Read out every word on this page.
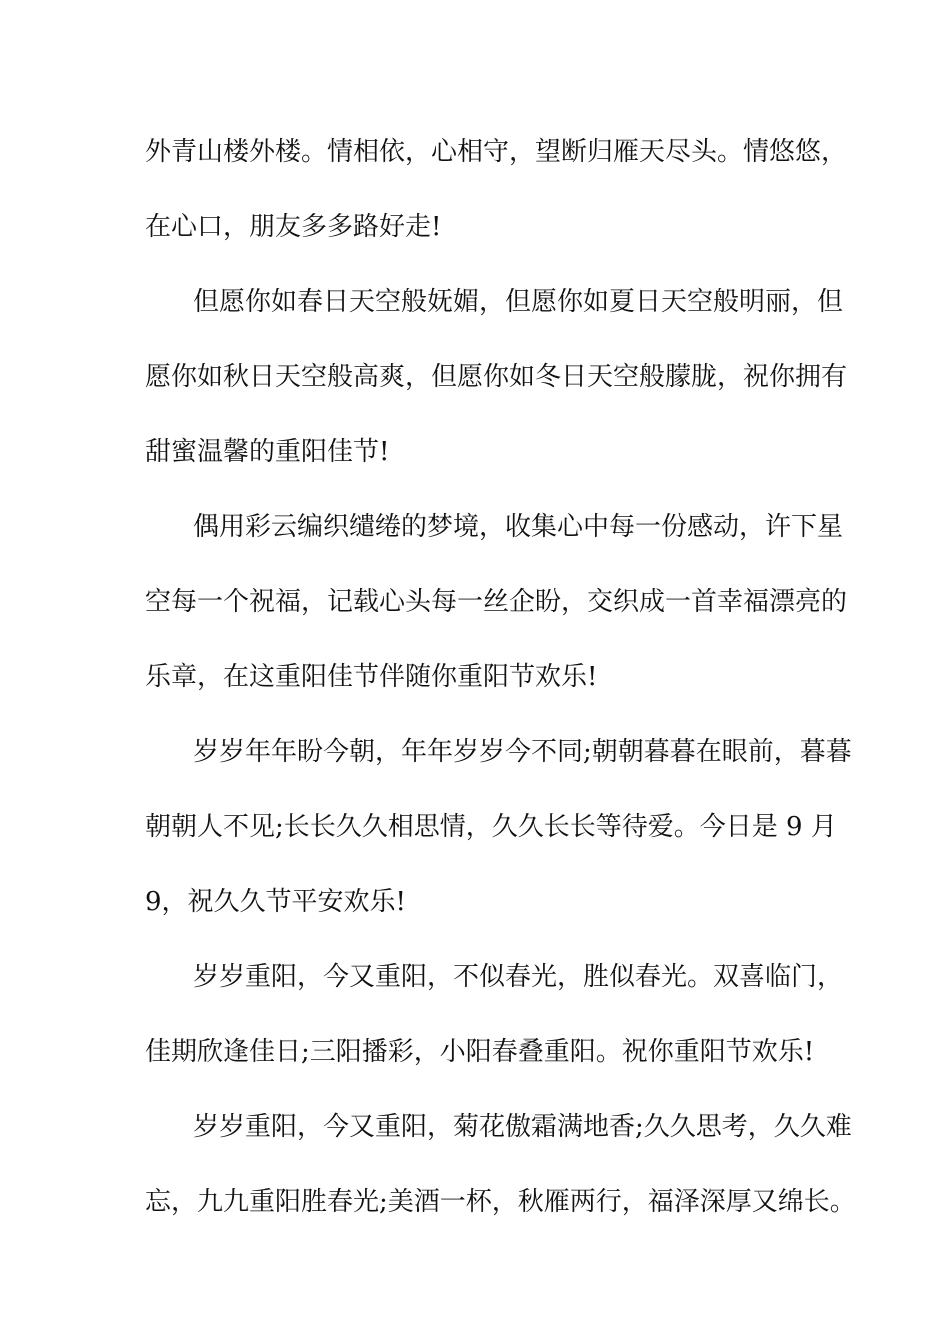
外青山楼外楼。情相依，心相守，望断归雁天尽头。情悠悠，
在心口，朋友多多路好走!
但愿你如春日天空般妩媚，但愿你如夏日天空般明丽，但
愿你如秋日天空般高爽，但愿你如冬日天空般朦胧，祝你拥有
甜蜜温馨的重阳佳节!
偶用彩云编织缱绻的梦境，收集心中每一份感动，许下星
空每一个祝福，记载心头每一丝企盼，交织成一首幸福漂亮的
乐章，在这重阳佳节伴随你重阳节欢乐!
岁岁年年盼今朝，年年岁岁今不同;朝朝暮暮在眼前，暮暮
朝朝人不见;长长久久相思情，久久长长等待爱。今日是 9 月
9，祝久久节平安欢乐!
岁岁重阳，今又重阳，不似春光，胜似春光。双喜临门，
佳期欣逢佳日;三阳播彩，小阳春叠重阳。祝你重阳节欢乐!
岁岁重阳，今又重阳，菊花傲霜满地香;久久思考，久久难
忘，九九重阳胜春光;美酒一杯，秋雁两行，福泽深厚又绵长。
